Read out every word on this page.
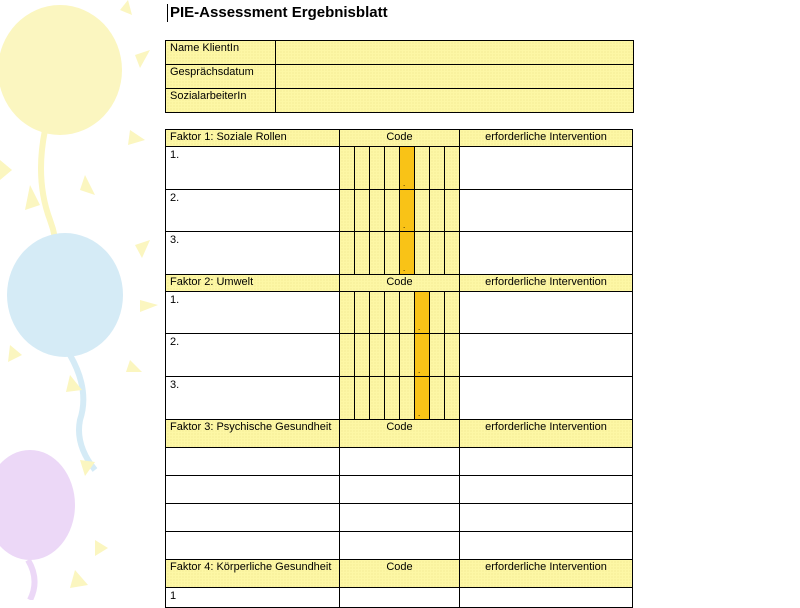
PIE-Assessment Ergebnisblatt
Name KlientIn	
Gesprächsdatum	
SozialarbeiterIn	
Faktor 1: Soziale Rollen	Code	erforderliche Intervention
1.	.	

2.	.	

3.	.	

Faktor 2: Umwelt	Code	erforderliche Intervention
1.	.	

2.	.	

3.	.	

Faktor 3: Psychische Gesundheit	Code	erforderliche Intervention

Faktor 4: Körperliche Gesundheit	Code	erforderliche Intervention
1		
